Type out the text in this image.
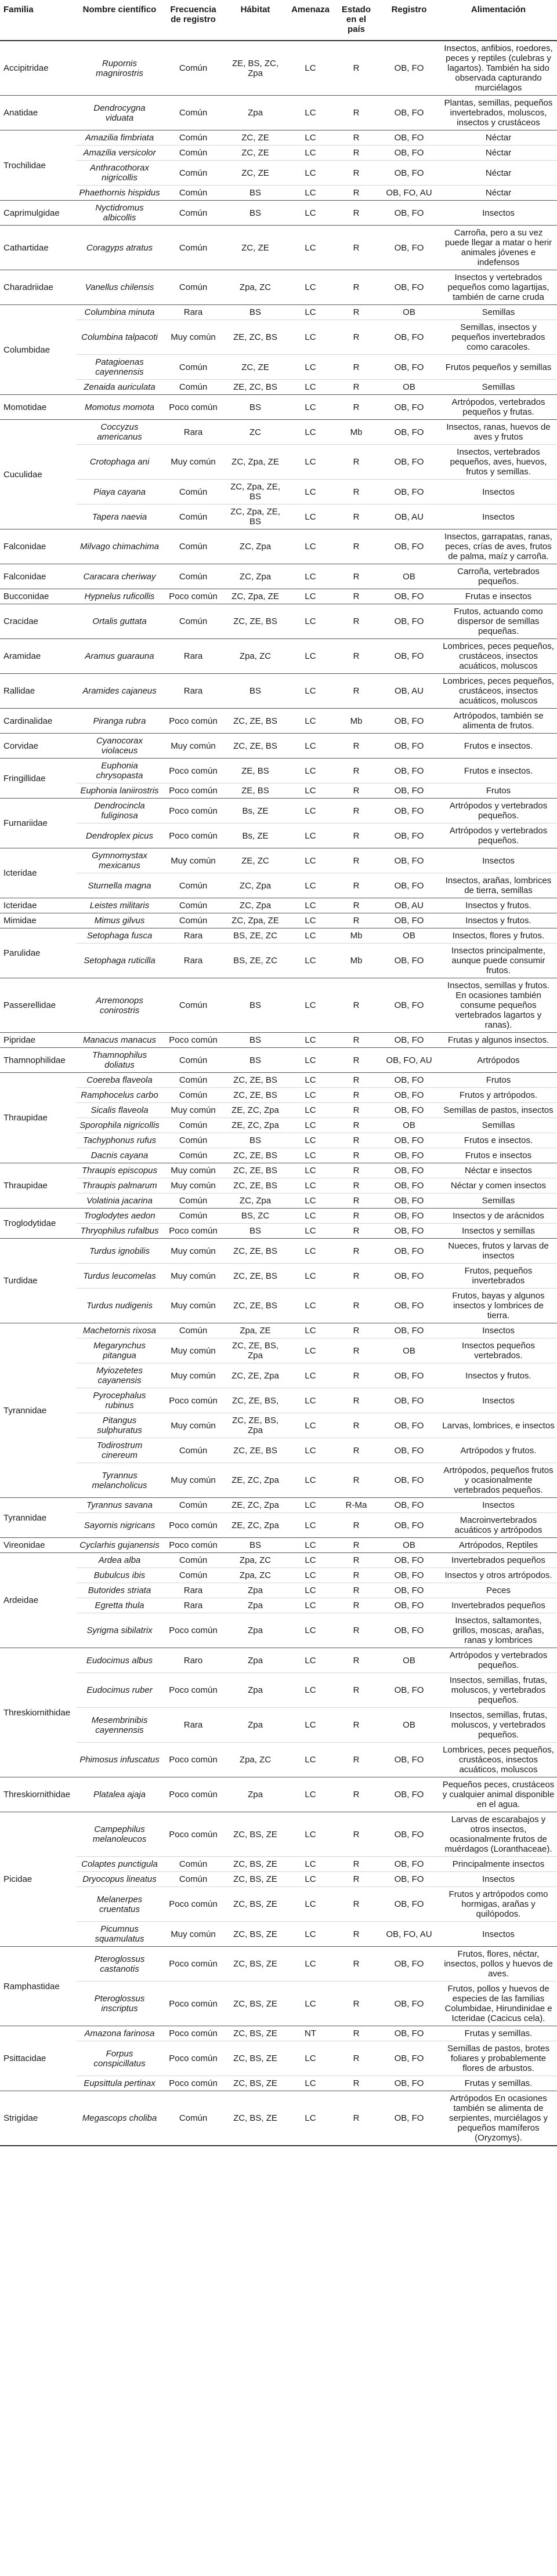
Familia	Nombre científico	Frecuencia de registro	Hábitat	Amenaza	Estado en el país	Registro	Alimentación
Accipitridae	Rupornis magnirostris	Común	ZE, BS, ZC, Zpa	LC	R	OB, FO	Insectos, anfibios, roedores, peces y reptiles (culebras y lagartos). También ha sido observada capturando murciélagos
Anatidae	Dendrocygna viduata	Común	Zpa	LC	R	OB, FO	Plantas, semillas, pequeños invertebrados, moluscos, insectos y crustáceos
Trochilidae	Amazilia fimbriata	Común	ZC, ZE	LC	R	OB, FO	Néctar
	Amazilia versicolor	Común	ZC, ZE	LC	R	OB, FO	Néctar
	Anthracothorax nigricollis	Común	ZC, ZE	LC	R	OB, FO	Néctar
	Phaethornis hispidus	Común	BS	LC	R	OB, FO, AU	Néctar
Caprimulgidae	Nyctidromus albicollis	Común	BS	LC	R	OB, FO	Insectos
Cathartidae	Coragyps atratus	Común	ZC, ZE	LC	R	OB, FO	Carroña, pero a su vez puede llegar a matar o herir animales jóvenes e indefensos
Charadriidae	Vanellus chilensis	Común	Zpa, ZC	LC	R	OB, FO	Insectos y vertebrados pequeños como lagartijas, también de carne cruda
Columbidae	Columbina minuta	Rara	BS	LC	R	OB	Semillas
	Columbina talpacoti	Muy común	ZE, ZC, BS	LC	R	OB, FO	Semillas, insectos y pequeños invertebrados como caracoles.
	Patagioenas cayennensis	Común	ZC, ZE	LC	R	OB, FO	Frutos pequeños y semillas
	Zenaida auriculata	Común	ZE, ZC, BS	LC	R	OB	Semillas
Momotidae	Momotus momota	Poco común	BS	LC	R	OB, FO	Artrópodos, vertebrados pequeños y frutas.
Cuculidae	Coccyzus americanus	Rara	ZC	LC	Mb	OB, FO	Insectos, ranas, huevos de aves y frutos
	Crotophaga ani	Muy común	ZC, Zpa, ZE	LC	R	OB, FO	Insectos, vertebrados pequeños, aves, huevos, frutos y semillas.
	Piaya cayana	Común	ZC, Zpa, ZE, BS	LC	R	OB, FO	Insectos
	Tapera naevia	Común	ZC, Zpa, ZE, BS	LC	R	OB, AU	Insectos
Falconidae	Milvago chimachima	Común	ZC, Zpa	LC	R	OB, FO	Insectos, garrapatas, ranas, peces, crías de aves, frutos de palma, maíz y carroña.
Falconidae	Caracara cheriway	Común	ZC, Zpa	LC	R	OB	Carroña, vertebrados pequeños.
Bucconidae	Hypnelus ruficollis	Poco común	ZC, Zpa, ZE	LC	R	OB, FO	Frutas e insectos
Cracidae	Ortalis guttata	Común	ZC, ZE, BS	LC	R	OB, FO	Frutos, actuando como dispersor de semillas pequeñas.
Aramidae	Aramus guarauna	Rara	Zpa, ZC	LC	R	OB, FO	Lombrices, peces pequeños, crustáceos, insectos acuáticos, moluscos
Rallidae	Aramides cajaneus	Rara	BS	LC	R	OB, AU	Lombrices, peces pequeños, crustáceos, insectos acuáticos, moluscos
Cardinalidae	Piranga rubra	Poco común	ZC, ZE, BS	LC	Mb	OB, FO	Artrópodos, también se alimenta de frutos.
Corvidae	Cyanocorax violaceus	Muy común	ZC, ZE, BS	LC	R	OB, FO	Frutos e insectos.
Fringillidae	Euphonia chrysopasta	Poco común	ZE, BS	LC	R	OB, FO	Frutos e insectos.
	Euphonia laniirostris	Poco común	ZE, BS	LC	R	OB, FO	Frutos
Furnariidae	Dendrocincla fuliginosa	Poco común	Bs, ZE	LC	R	OB, FO	Artrópodos y vertebrados pequeños.
	Dendroplex picus	Poco común	Bs, ZE	LC	R	OB, FO	Artrópodos y vertebrados pequeños.
Icteridae	Gymnomystax mexicanus	Muy común	ZE, ZC	LC	R	OB, FO	Insectos
	Sturnella magna	Común	ZC, Zpa	LC	R	OB, FO	Insectos, arañas, lombrices de tierra, semillas
Icteridae	Leistes militaris	Común	ZC, Zpa	LC	R	OB, AU	Insectos y frutos.
Mimidae	Mimus gilvus	Común	ZC, Zpa, ZE	LC	R	OB, FO	Insectos y frutos.
Parulidae	Setophaga fusca	Rara	BS, ZE, ZC	LC	Mb	OB	Insectos, flores y frutos.
	Setophaga ruticilla	Rara	BS, ZE, ZC	LC	Mb	OB, FO	Insectos principalmente, aunque puede consumir frutos.
Passerellidae	Arremonops conirostris	Común	BS	LC	R	OB, FO	Insectos, semillas y frutos. En ocasiones también consume pequeños vertebrados lagartos y ranas).
Pipridae	Manacus manacus	Poco común	BS	LC	R	OB, FO	Frutas y algunos insectos.
Thamnophilidae	Thamnophilus doliatus	Común	BS	LC	R	OB, FO, AU	Artrópodos
Thraupidae	Coereba flaveola	Común	ZC, ZE, BS	LC	R	OB, FO	Frutos
	Ramphocelus carbo	Común	ZC, ZE, BS	LC	R	OB, FO	Frutos y artrópodos.
	Sicalis flaveola	Muy común	ZE, ZC, Zpa	LC	R	OB, FO	Semillas de pastos, insectos
	Sporophila nigricollis	Común	ZE, ZC, Zpa	LC	R	OB	Semillas
	Tachyphonus rufus	Común	BS	LC	R	OB, FO	Frutos e insectos.
	Dacnis cayana	Común	ZC, ZE, BS	LC	R	OB, FO	Frutos e insectos
Thraupidae	Thraupis episcopus	Muy común	ZC, ZE, BS	LC	R	OB, FO	Néctar e insectos
	Thraupis palmarum	Muy común	ZC, ZE, BS	LC	R	OB, FO	Néctar y comen insectos
	Volatinia jacarina	Común	ZC, Zpa	LC	R	OB, FO	Semillas
Troglodytidae	Troglodytes aedon	Común	BS, ZC	LC	R	OB, FO	Insectos y de arácnidos
	Thryophilus rufalbus	Poco común	BS	LC	R	OB, FO	Insectos y semillas
Turdidae	Turdus ignobilis	Muy común	ZC, ZE, BS	LC	R	OB, FO	Nueces, frutos y larvas de insectos
	Turdus leucomelas	Muy común	ZC, ZE, BS	LC	R	OB, FO	Frutos, pequeños invertebrados
	Turdus nudigenis	Muy común	ZC, ZE, BS	LC	R	OB, FO	Frutos, bayas y algunos insectos y lombrices de tierra.
Tyrannidae	Machetornis rixosa	Común	Zpa, ZE	LC	R	OB, FO	Insectos
	Megarynchus pitangua	Muy común	ZC, ZE, BS, Zpa	LC	R	OB	Insectos pequeños vertebrados.
	Myiozetetes cayanensis	Muy común	ZC, ZE, Zpa	LC	R	OB, FO	Insectos y frutos.
	Pyrocephalus rubinus	Poco común	ZC, ZE, BS,	LC	R	OB, FO	Insectos
	Pitangus sulphuratus	Muy común	ZC, ZE, BS, Zpa	LC	R	OB, FO	Larvas, lombrices, e insectos
	Todirostrum cinereum	Común	ZC, ZE, BS	LC	R	OB, FO	Artrópodos y frutos.
	Tyrannus melancholicus	Muy común	ZE, ZC, Zpa	LC	R	OB, FO	Artrópodos, pequeños frutos y ocasionalmente vertebrados pequeños.
Tyrannidae	Tyrannus savana	Común	ZE, ZC, Zpa	LC	R-Ma	OB, FO	Insectos
	Sayornis nigricans	Poco común	ZE, ZC, Zpa	LC	R	OB, FO	Macroinvertebrados acuáticos y artrópodos
Vireonidae	Cyclarhis gujanensis	Poco común	BS	LC	R	OB	Artrópodos, Reptiles
Ardeidae	Ardea alba	Común	Zpa, ZC	LC	R	OB, FO	Invertebrados pequeños
	Bubulcus ibis	Común	Zpa, ZC	LC	R	OB, FO	Insectos y otros artrópodos.
	Butorides striata	Rara	Zpa	LC	R	OB, FO	Peces
	Egretta thula	Rara	Zpa	LC	R	OB, FO	Invertebrados pequeños
	Syrigma sibilatrix	Poco común	Zpa	LC	R	OB, FO	Insectos, saltamontes, grillos, moscas, arañas, ranas y lombrices
Threskiornithidae	Eudocimus albus	Raro	Zpa	LC	R	OB	Artrópodos y vertebrados pequeños.
	Eudocimus ruber	Poco común	Zpa	LC	R	OB, FO	Insectos, semillas, frutas, moluscos, y vertebrados pequeños.
	Mesembrinibis cayennensis	Rara	Zpa	LC	R	OB	Insectos, semillas, frutas, moluscos, y vertebrados pequeños.
	Phimosus infuscatus	Poco común	Zpa, ZC	LC	R	OB, FO	Lombrices, peces pequeños, crustáceos, insectos acuáticos, moluscos
Threskiornithidae	Platalea ajaja	Poco común	Zpa	LC	R	OB, FO	Pequeños peces, crustáceos y cualquier animal disponible en el agua.
Picidae	Campephilus melanoleucos	Poco común	ZC, BS, ZE	LC	R	OB, FO	Larvas de escarabajos y otros insectos, ocasionalmente frutos de muérdagos (Loranthaceae).
	Colaptes punctigula	Común	ZC, BS, ZE	LC	R	OB, FO	Principalmente insectos
	Dryocopus lineatus	Común	ZC, BS, ZE	LC	R	OB, FO	Insectos
	Melanerpes cruentatus	Poco común	ZC, BS, ZE	LC	R	OB, FO	Frutos y artrópodos como hormigas, arañas y quilópodos.
	Picumnus squamulatus	Muy común	ZC, BS, ZE	LC	R	OB, FO, AU	Insectos
Ramphastidae	Pteroglossus castanotis	Poco común	ZC, BS, ZE	LC	R	OB, FO	Frutos, flores, néctar, insectos, pollos y huevos de aves.
	Pteroglossus inscriptus	Poco común	ZC, BS, ZE	LC	R	OB, FO	Frutos, pollos y huevos de especies de las familias Columbidae, Hirundinidae e Icteridae (Cacicus cela).
Psittacidae	Amazona farinosa	Poco común	ZC, BS, ZE	NT	R	OB, FO	Frutas y semillas.
	Forpus conspicillatus	Poco común	ZC, BS, ZE	LC	R	OB, FO	Semillas de pastos, brotes foliares y probablemente flores de arbustos.
	Eupsittula pertinax	Poco común	ZC, BS, ZE	LC	R	OB, FO	Frutas y semillas.
Strigidae	Megascops choliba	Común	ZC, BS, ZE	LC	R	OB, FO	Artrópodos En ocasiones también se alimenta de serpientes, murciélagos y pequeños mamíferos (Oryzomys).
